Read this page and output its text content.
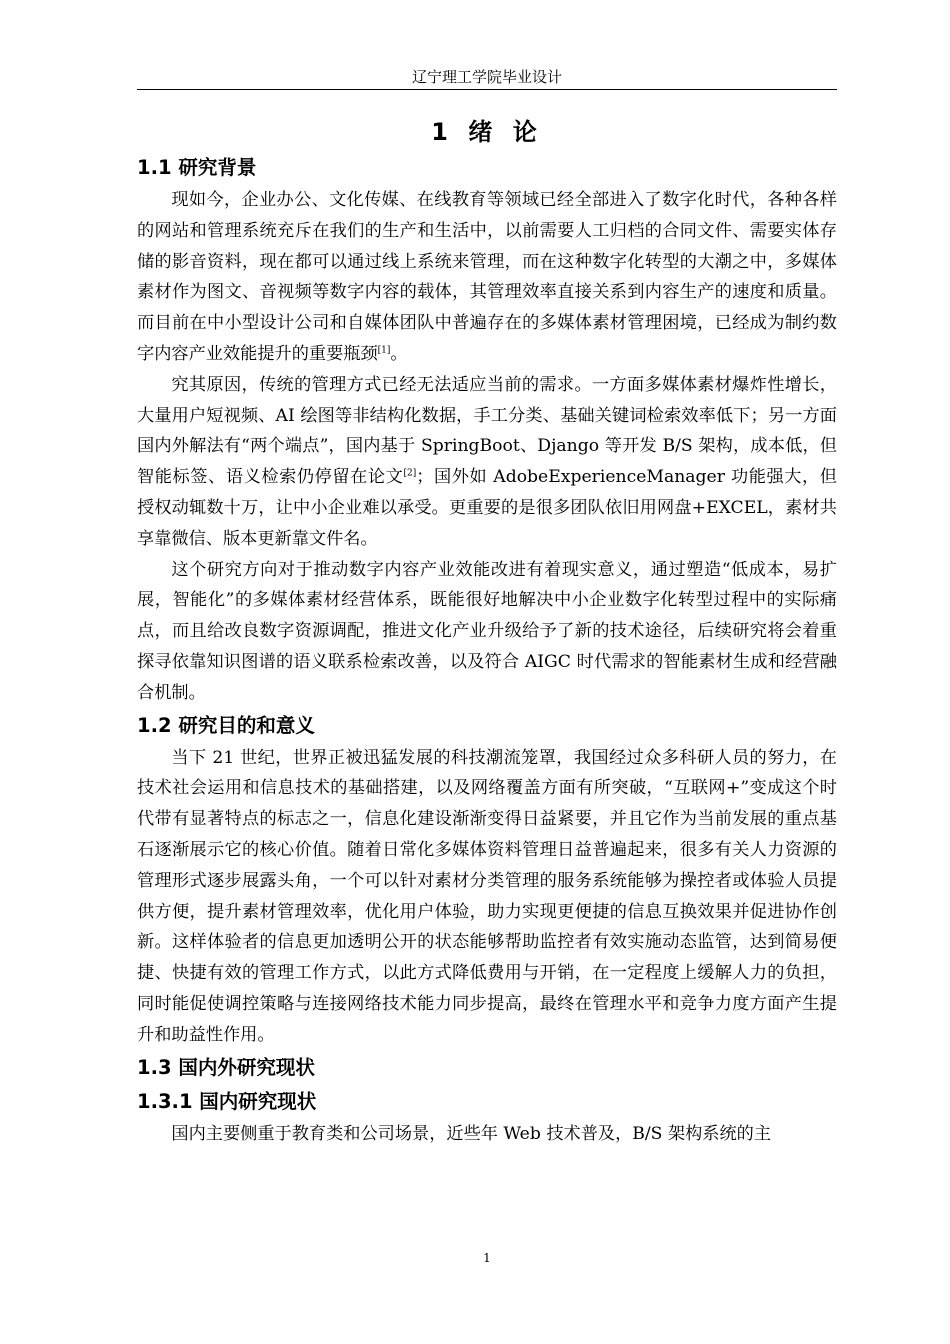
辽宁理工学院毕业设计
1 绪 论
1.1 研究背景

现如今，企业办公、文化传媒、在线教育等领域已经全部进入了数字化时代，各种各样的网站和管理系统充斥在我们的生产和生活中，以前需要人工归档的合同文件、需要实体存储的影音资料，现在都可以通过线上系统来管理，而在这种数字化转型的大潮之中，多媒体素材作为图文、音视频等数字内容的载体，其管理效率直接关系到内容生产的速度和质量。而目前在中小型设计公司和自媒体团队中普遍存在的多媒体素材管理困境，已经成为制约数字内容产业效能提升的重要瓶颈[1]。

究其原因，传统的管理方式已经无法适应当前的需求。一方面多媒体素材爆炸性增长，大量用户短视频、AI 绘图等非结构化数据，手工分类、基础关键词检索效率低下；另一方面国内外解法有“两个端点”，国内基于 SpringBoot、Django 等开发 B/S 架构，成本低，但智能标签、语义检索仍停留在论文[2]；国外如 AdobeExperienceManager 功能强大，但授权动辄数十万，让中小企业难以承受。更重要的是很多团队依旧用网盘+EXCEL，素材共享靠微信、版本更新靠文件名。

这个研究方向对于推动数字内容产业效能改进有着现实意义，通过塑造“低成本，易扩展，智能化”的多媒体素材经营体系，既能很好地解决中小企业数字化转型过程中的实际痛点，而且给改良数字资源调配，推进文化产业升级给予了新的技术途径，后续研究将会着重探寻依靠知识图谱的语义联系检索改善，以及符合 AIGC 时代需求的智能素材生成和经营融合机制。

1.2 研究目的和意义

当下 21 世纪，世界正被迅猛发展的科技潮流笼罩，我国经过众多科研人员的努力，在技术社会运用和信息技术的基础搭建，以及网络覆盖方面有所突破，“互联网+”变成这个时代带有显著特点的标志之一，信息化建设渐渐变得日益紧要，并且它作为当前发展的重点基石逐渐展示它的核心价值。随着日常化多媒体资料管理日益普遍起来，很多有关人力资源的管理形式逐步展露头角，一个可以针对素材分类管理的服务系统能够为操控者或体验人员提供方便，提升素材管理效率，优化用户体验，助力实现更便捷的信息互换效果并促进协作创新。这样体验者的信息更加透明公开的状态能够帮助监控者有效实施动态监管，达到简易便捷、快捷有效的管理工作方式，以此方式降低费用与开销，在一定程度上缓解人力的负担，同时能促使调控策略与连接网络技术能力同步提高，最终在管理水平和竞争力度方面产生提升和助益性作用。

1.3 国内外研究现状
1.3.1 国内研究现状

国内主要侧重于教育类和公司场景，近些年 Web 技术普及，B/S 架构系统的主

1
